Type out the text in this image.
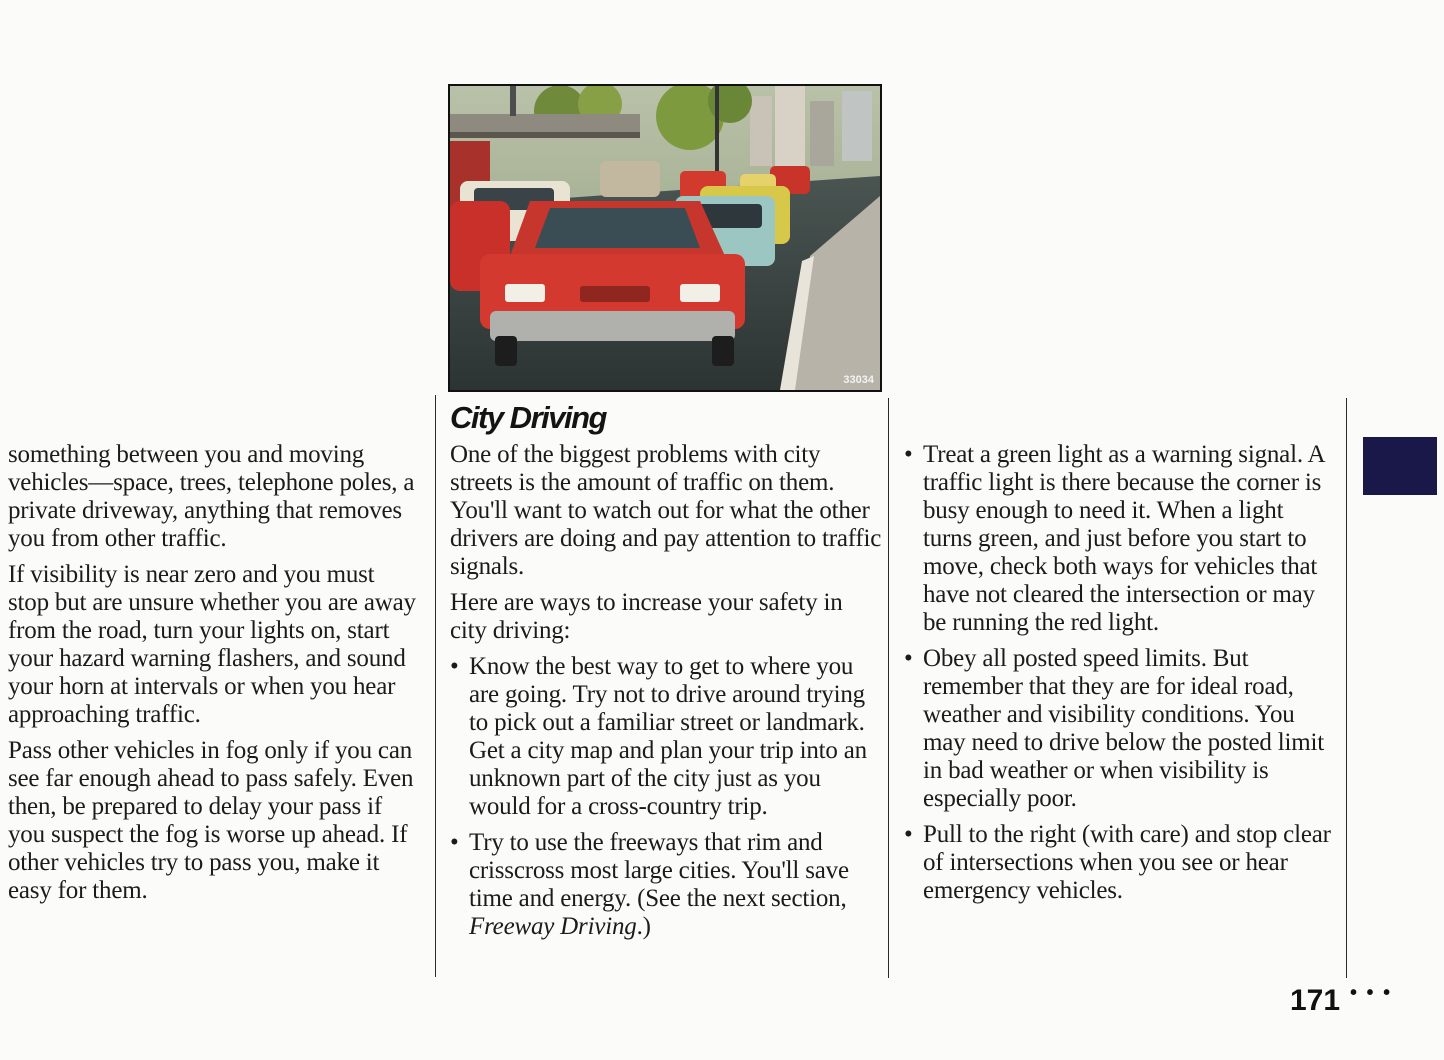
33034
City Driving

something between you and moving vehicles—space, trees, telephone poles, a private driveway, anything that removes you from other traffic.

If visibility is near zero and you must stop but are unsure whether you are away from the road, turn your lights on, start your hazard warning flashers, and sound your horn at intervals or when you hear approaching traffic.

Pass other vehicles in fog only if you can see far enough ahead to pass safely. Even then, be prepared to delay your pass if you suspect the fog is worse up ahead. If other vehicles try to pass you, make it easy for them.

One of the biggest problems with city streets is the amount of traffic on them. You'll want to watch out for what the other drivers are doing and pay attention to traffic signals.

Here are ways to increase your safety in city driving:

• Know the best way to get to where you are going. Try not to drive around trying to pick out a familiar street or landmark. Get a city map and plan your trip into an unknown part of the city just as you would for a cross-country trip.
• Try to use the freeways that rim and crisscross most large cities. You'll save time and energy. (See the next section, Freeway Driving.)
• Treat a green light as a warning signal. A traffic light is there because the corner is busy enough to need it. When a light turns green, and just before you start to move, check both ways for vehicles that have not cleared the intersection or may be running the red light.
• Obey all posted speed limits. But remember that they are for ideal road, weather and visibility conditions. You may need to drive below the posted limit in bad weather or when visibility is especially poor.
• Pull to the right (with care) and stop clear of intersections when you see or hear emergency vehicles.

171 • • •
